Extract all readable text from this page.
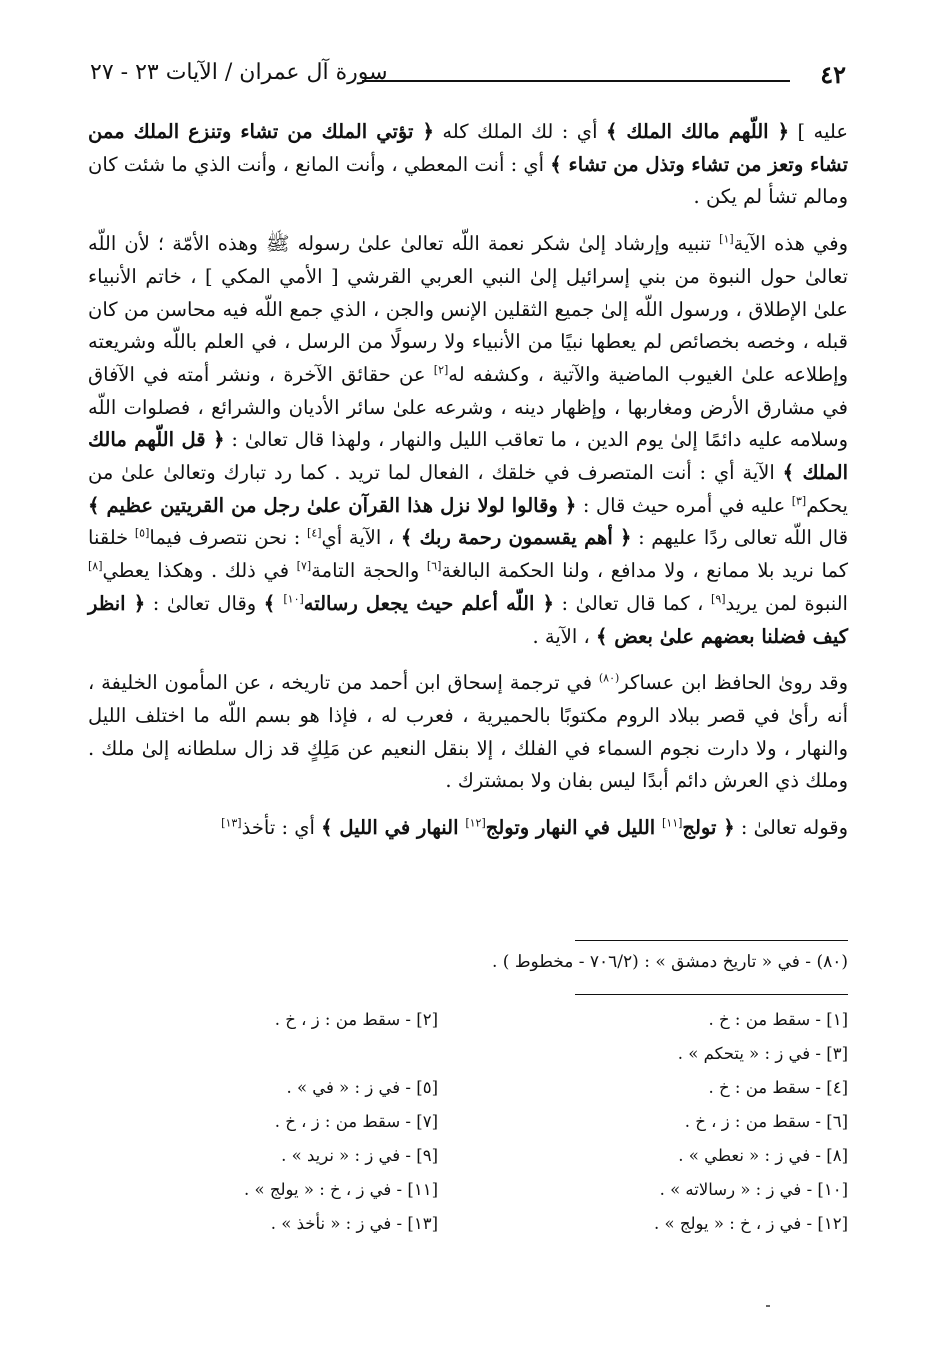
٤٢
سورة آل عمران / الآيات ٢٣ - ٢٧

عليه ] ﴿ اللّهم مالك الملك ﴾ أي : لك الملك كله ﴿ تؤتي الملك من تشاء وتنزع الملك ممن تشاء وتعز من تشاء وتذل من تشاء ﴾ أي : أنت المعطي ، وأنت المانع ، وأنت الذي ما شئت كان ومالم تشأ لم يكن .

وفي هذه الآية[١] تنبيه وإرشاد إلىٰ شكر نعمة اللّه تعالىٰ علىٰ رسوله ﷺ وهذه الأمّة ؛ لأن اللّه تعالىٰ حول النبوة من بني إسرائيل إلىٰ النبي العربي القرشي [ الأمي المكي ] ، خاتم الأنبياء علىٰ الإطلاق ، ورسول اللّه إلىٰ جميع الثقلين الإنس والجن ، الذي جمع اللّه فيه محاسن من كان قبله ، وخصه بخصائص لم يعطها نبيًا من الأنبياء ولا رسولًا من الرسل ، في العلم باللّه وشريعته وإطلاعه علىٰ الغيوب الماضية والآتية ، وكشفه له[٢] عن حقائق الآخرة ، ونشر أمته في الآفاق في مشارق الأرض ومغاربها ، وإظهار دينه ، وشرعه علىٰ سائر الأديان والشرائع ، فصلوات اللّه وسلامه عليه دائمًا إلىٰ يوم الدين ، ما تعاقب الليل والنهار ، ولهذا قال تعالىٰ : ﴿ قل اللّهم مالك الملك ﴾ الآية أي : أنت المتصرف في خلقك ، الفعال لما تريد . كما رد تبارك وتعالىٰ علىٰ من يحكم[٣] عليه في أمره حيث قال : ﴿ وقالوا لولا نزل هذا القرآن علىٰ رجل من القريتين عظيم ﴾ قال اللّه تعالى ردًا عليهم : ﴿ أهم يقسمون رحمة ربك ﴾ ، الآية أي[٤] : نحن نتصرف فيما[٥] خلقنا كما نريد بلا ممانع ، ولا مدافع ، ولنا الحكمة البالغة[٦] والحجة التامة[٧] في ذلك . وهكذا يعطي[٨] النبوة لمن يريد[٩] ، كما قال تعالىٰ : ﴿ اللّه أعلم حيث يجعل رسالته[١٠] ﴾ وقال تعالىٰ : ﴿ انظر كيف فضلنا بعضهم علىٰ بعض ﴾ ، الآية .

وقد روىٰ الحافظ ابن عساكر$^{(٨٠)}$ في ترجمة إسحاق ابن أحمد من تاريخه ، عن المأمون الخليفة ، أنه رأىٰ في قصر ببلاد الروم مكتوبًا بالحميرية ، فعرب له ، فإذا هو بسم اللّه ما اختلف الليل والنهار ، ولا دارت نجوم السماء في الفلك ، إلا بنقل النعيم عن مَلِكٍ قد زال سلطانه إلىٰ ملك . وملك ذي العرش دائم أبدًا ليس بفان ولا بمشترك .

وقوله تعالىٰ : ﴿ تولج[١١] الليل في النهار وتولج[١٢] النهار في الليل ﴾ أي : تأخذ[١٣]

(٨٠) - في « تاريخ دمشق » : (٧٠٦/٢ - مخطوط ) .
[١] - سقط من : خ .
[٢] - سقط من : ز ، خ .
[٣] - في ز : « يتحكم » .
[٤] - سقط من : خ .
[٥] - في ز : « في » .
[٦] - سقط من : ز ، خ .
[٧] - سقط من : ز ، خ .
[٨] - في ز : « نعطي » .
[٩] - في ز : « نريد » .
[١٠] - في ز : « رسالاته » .
[١١] - في ز ، خ : « يولج » .
[١٢] - في ز ، خ : « يولج » .
[١٣] - في ز : « نأخذ » .
